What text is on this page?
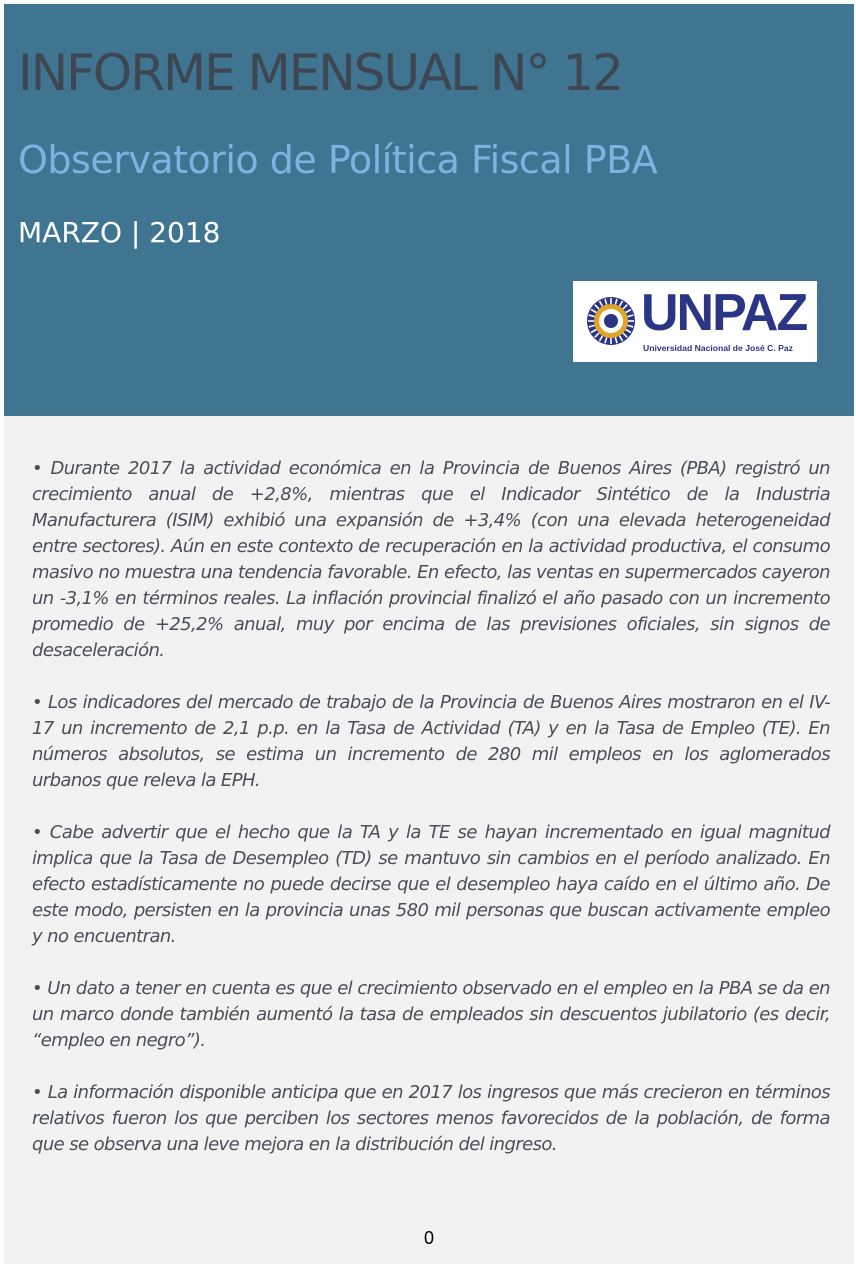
INFORME MENSUAL N° 12
Observatorio de Política Fiscal PBA
MARZO | 2018
UNPAZ
Universidad Nacional de José C. Paz

• Durante 2017 la actividad económica en la Provincia de Buenos Aires (PBA) registró un crecimiento anual de +2,8%, mientras que el Indicador Sintético de la Industria Manufacturera (ISIM) exhibió una expansión de +3,4% (con una elevada heterogeneidad entre sectores). Aún en este contexto de recuperación en la actividad productiva, el consumo masivo no muestra una tendencia favorable. En efecto, las ventas en supermercados cayeron un -3,1% en términos reales. La inflación provincial finalizó el año pasado con un incremento promedio de +25,2% anual, muy por encima de las previsiones oficiales, sin signos de desaceleración.

• Los indicadores del mercado de trabajo de la Provincia de Buenos Aires mostraron en el IV-17 un incremento de 2,1 p.p. en la Tasa de Actividad (TA) y en la Tasa de Empleo (TE). En números absolutos, se estima un incremento de 280 mil empleos en los aglomerados urbanos que releva la EPH.

• Cabe advertir que el hecho que la TA y la TE se hayan incrementado en igual magnitud implica que la Tasa de Desempleo (TD) se mantuvo sin cambios en el período analizado. En efecto estadísticamente no puede decirse que el desempleo haya caído en el último año. De este modo, persisten en la provincia unas 580 mil personas que buscan activamente empleo y no encuentran.

• Un dato a tener en cuenta es que el crecimiento observado en el empleo en la PBA se da en un marco donde también aumentó la tasa de empleados sin descuentos jubilatorio (es decir, “empleo en negro”).

• La información disponible anticipa que en 2017 los ingresos que más crecieron en términos relativos fueron los que perciben los sectores menos favorecidos de la población, de forma que se observa una leve mejora en la distribución del ingreso.

0
